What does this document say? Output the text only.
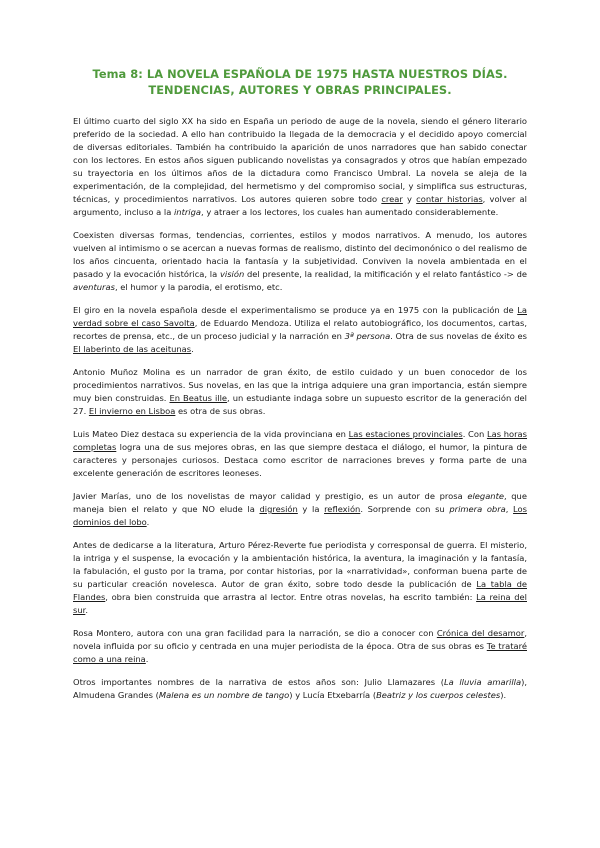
Tema 8: LA NOVELA ESPAÑOLA DE 1975 HASTA NUESTROS DÍAS.
TENDENCIAS, AUTORES Y OBRAS PRINCIPALES.

El último cuarto del siglo XX ha sido en España un periodo de auge de la novela, siendo el género literario preferido de la sociedad. A ello han contribuido la llegada de la democracia y el decidido apoyo comercial de diversas editoriales. También ha contribuido la aparición de unos narradores que han sabido conectar con los lectores. En estos años siguen publicando novelistas ya consagrados y otros que habían empezado su trayectoria en los últimos años de la dictadura como Francisco Umbral. La novela se aleja de la experimentación, de la complejidad, del hermetismo y del compromiso social, y simplifica sus estructuras, técnicas, y procedimientos narrativos. Los autores quieren sobre todo crear y contar historias, volver al argumento, incluso a la intriga, y atraer a los lectores, los cuales han aumentado considerablemente.

Coexisten diversas formas, tendencias, corrientes, estilos y modos narrativos. A menudo, los autores vuelven al intimismo o se acercan a nuevas formas de realismo, distinto del decimonónico o del realismo de los años cincuenta, orientado hacia la fantasía y la subjetividad. Conviven la novela ambientada en el pasado y la evocación histórica, la visión del presente, la realidad, la mitificación y el relato fantástico -> de aventuras, el humor y la parodia, el erotismo, etc.

El giro en la novela española desde el experimentalismo se produce ya en 1975 con la publicación de La verdad sobre el caso Savolta, de Eduardo Mendoza. Utiliza el relato autobiográfico, los documentos, cartas, recortes de prensa, etc., de un proceso judicial y la narración en 3ª persona. Otra de sus novelas de éxito es El laberinto de las aceitunas.

Antonio Muñoz Molina es un narrador de gran éxito, de estilo cuidado y un buen conocedor de los procedimientos narrativos. Sus novelas, en las que la intriga adquiere una gran importancia, están siempre muy bien construidas. En Beatus ille, un estudiante indaga sobre un supuesto escritor de la generación del 27. El invierno en Lisboa es otra de sus obras.

Luis Mateo Diez destaca su experiencia de la vida provinciana en Las estaciones provinciales. Con Las horas completas logra una de sus mejores obras, en las que siempre destaca el diálogo, el humor, la pintura de caracteres y personajes curiosos. Destaca como escritor de narraciones breves y forma parte de una excelente generación de escritores leoneses.

Javier Marías, uno de los novelistas de mayor calidad y prestigio, es un autor de prosa elegante, que maneja bien el relato y que NO elude la digresión y la reflexión. Sorprende con su primera obra, Los dominios del lobo.

Antes de dedicarse a la literatura, Arturo Pérez-Reverte fue periodista y corresponsal de guerra. El misterio, la intriga y el suspense, la evocación y la ambientación histórica, la aventura, la imaginación y la fantasía, la fabulación, el gusto por la trama, por contar historias, por la «narratividad», conforman buena parte de su particular creación novelesca. Autor de gran éxito, sobre todo desde la publicación de La tabla de Flandes, obra bien construida que arrastra al lector. Entre otras novelas, ha escrito también: La reina del sur.

Rosa Montero, autora con una gran facilidad para la narración, se dio a conocer con Crónica del desamor, novela influida por su oficio y centrada en una mujer periodista de la época. Otra de sus obras es Te trataré como a una reina.

Otros importantes nombres de la narrativa de estos años son: Julio Llamazares (La lluvia amarilla), Almudena Grandes (Malena es un nombre de tango) y Lucía Etxebarría (Beatriz y los cuerpos celestes).
